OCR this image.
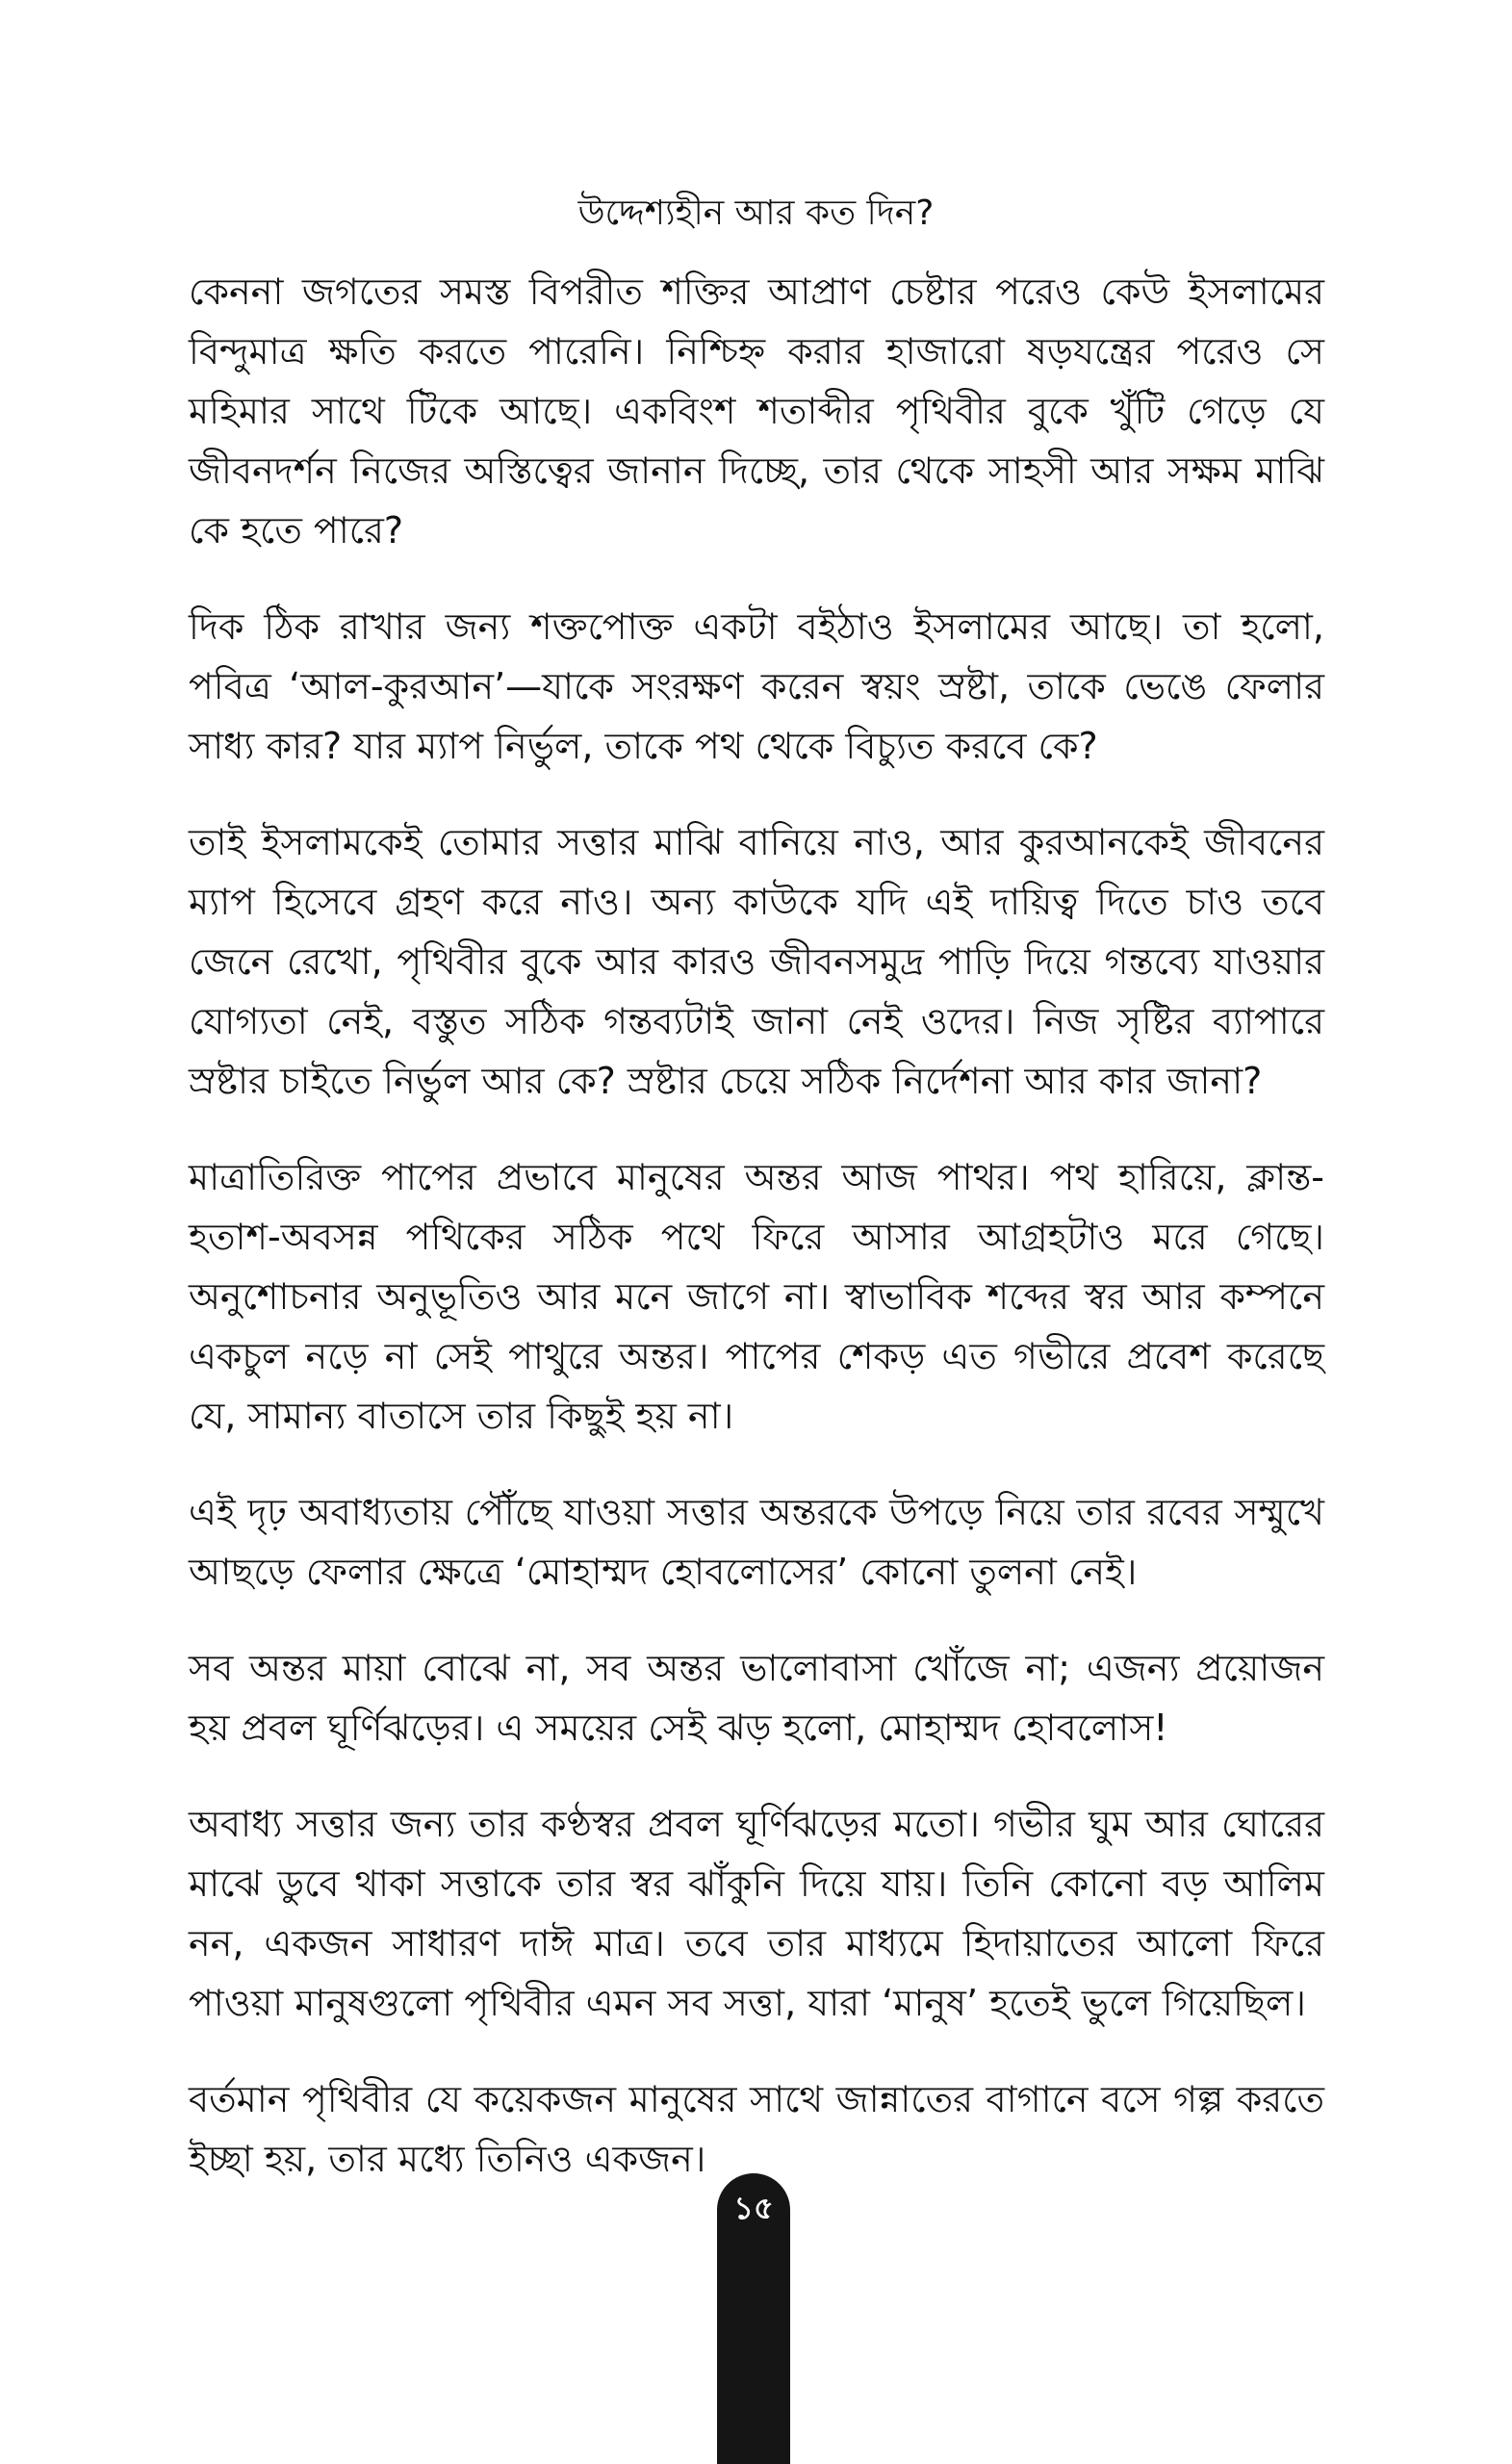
উদ্দেশ্যহীন আর কত দিন?

কেননা জগতের সমস্ত বিপরীত শক্তির আপ্রাণ চেষ্টার পরেও কেউ ইসলামের বিন্দুমাত্র ক্ষতি করতে পারেনি। নিশ্চিহ্ন করার হাজারো ষড়যন্ত্রের পরেও সে মহিমার সাথে টিকে আছে। একবিংশ শতাব্দীর পৃথিবীর বুকে খুঁটি গেড়ে যে জীবনদর্শন নিজের অস্তিত্বের জানান দিচ্ছে, তার থেকে সাহসী আর সক্ষম মাঝি কে হতে পারে?

দিক ঠিক রাখার জন্য শক্তপোক্ত একটা বইঠাও ইসলামের আছে। তা হলো, পবিত্র ‘আল-কুরআন’—যাকে সংরক্ষণ করেন স্বয়ং স্রষ্টা, তাকে ভেঙে ফেলার সাধ্য কার? যার ম্যাপ নির্ভুল, তাকে পথ থেকে বিচ্যুত করবে কে?

তাই ইসলামকেই তোমার সত্তার মাঝি বানিয়ে নাও, আর কুরআনকেই জীবনের ম্যাপ হিসেবে গ্রহণ করে নাও। অন্য কাউকে যদি এই দায়িত্ব দিতে চাও তবে জেনে রেখো, পৃথিবীর বুকে আর কারও জীবনসমুদ্র পাড়ি দিয়ে গন্তব্যে যাওয়ার যোগ্যতা নেই, বস্তুত সঠিক গন্তব্যটাই জানা নেই ওদের। নিজ সৃষ্টির ব্যাপারে স্রষ্টার চাইতে নির্ভুল আর কে? স্রষ্টার চেয়ে সঠিক নির্দেশনা আর কার জানা?

মাত্রাতিরিক্ত পাপের প্রভাবে মানুষের অন্তর আজ পাথর। পথ হারিয়ে, ক্লান্ত-হতাশ-অবসন্ন পথিকের সঠিক পথে ফিরে আসার আগ্রহটাও মরে গেছে। অনুশোচনার অনুভূতিও আর মনে জাগে না। স্বাভাবিক শব্দের স্বর আর কম্পনে একচুল নড়ে না সেই পাথুরে অন্তর। পাপের শেকড় এত গভীরে প্রবেশ করেছে যে, সামান্য বাতাসে তার কিছুই হয় না।

এই দৃঢ় অবাধ্যতায় পৌঁছে যাওয়া সত্তার অন্তরকে উপড়ে নিয়ে তার রবের সম্মুখে আছড়ে ফেলার ক্ষেত্রে ‘মোহাম্মদ হোবলোসের’ কোনো তুলনা নেই।

সব অন্তর মায়া বোঝে না, সব অন্তর ভালোবাসা খোঁজে না; এজন্য প্রয়োজন হয় প্রবল ঘূর্ণিঝড়ের। এ সময়ের সেই ঝড় হলো, মোহাম্মদ হোবলোস!

অবাধ্য সত্তার জন্য তার কণ্ঠস্বর প্রবল ঘূর্ণিঝড়ের মতো। গভীর ঘুম আর ঘোরের মাঝে ডুবে থাকা সত্তাকে তার স্বর ঝাঁকুনি দিয়ে যায়। তিনি কোনো বড় আলিম নন, একজন সাধারণ দাঈ মাত্র। তবে তার মাধ্যমে হিদায়াতের আলো ফিরে পাওয়া মানুষগুলো পৃথিবীর এমন সব সত্তা, যারা ‘মানুষ’ হতেই ভুলে গিয়েছিল।

বর্তমান পৃথিবীর যে কয়েকজন মানুষের সাথে জান্নাতের বাগানে বসে গল্প করতে ইচ্ছা হয়, তার মধ্যে তিনিও একজন।

১৫
